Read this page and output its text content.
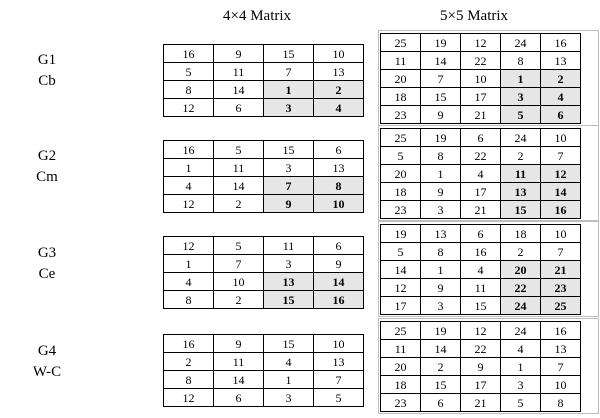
4×4 Matrix	5×5 Matrix
G1
Cb
16	9	15	10
5	11	7	13
8	14	1	2
12	6	3	4
25	19	12	24	16
11	14	22	8	13
20	7	10	1	2
18	15	17	3	4
23	9	21	5	6
G2
Cm
16	5	15	6
1	11	3	13
4	14	7	8
12	2	9	10
25	19	6	24	10
5	8	22	2	7
20	1	4	11	12
18	9	17	13	14
23	3	21	15	16
G3
Ce
12	5	11	6
1	7	3	9
4	10	13	14
8	2	15	16
19	13	6	18	10
5	8	16	2	7
14	1	4	20	21
12	9	11	22	23
17	3	15	24	25
G4
W-C
16	9	15	10
2	11	4	13
8	14	1	7
12	6	3	5
25	19	12	24	16
11	14	22	4	13
20	2	9	1	7
18	15	17	3	10
23	6	21	5	8
